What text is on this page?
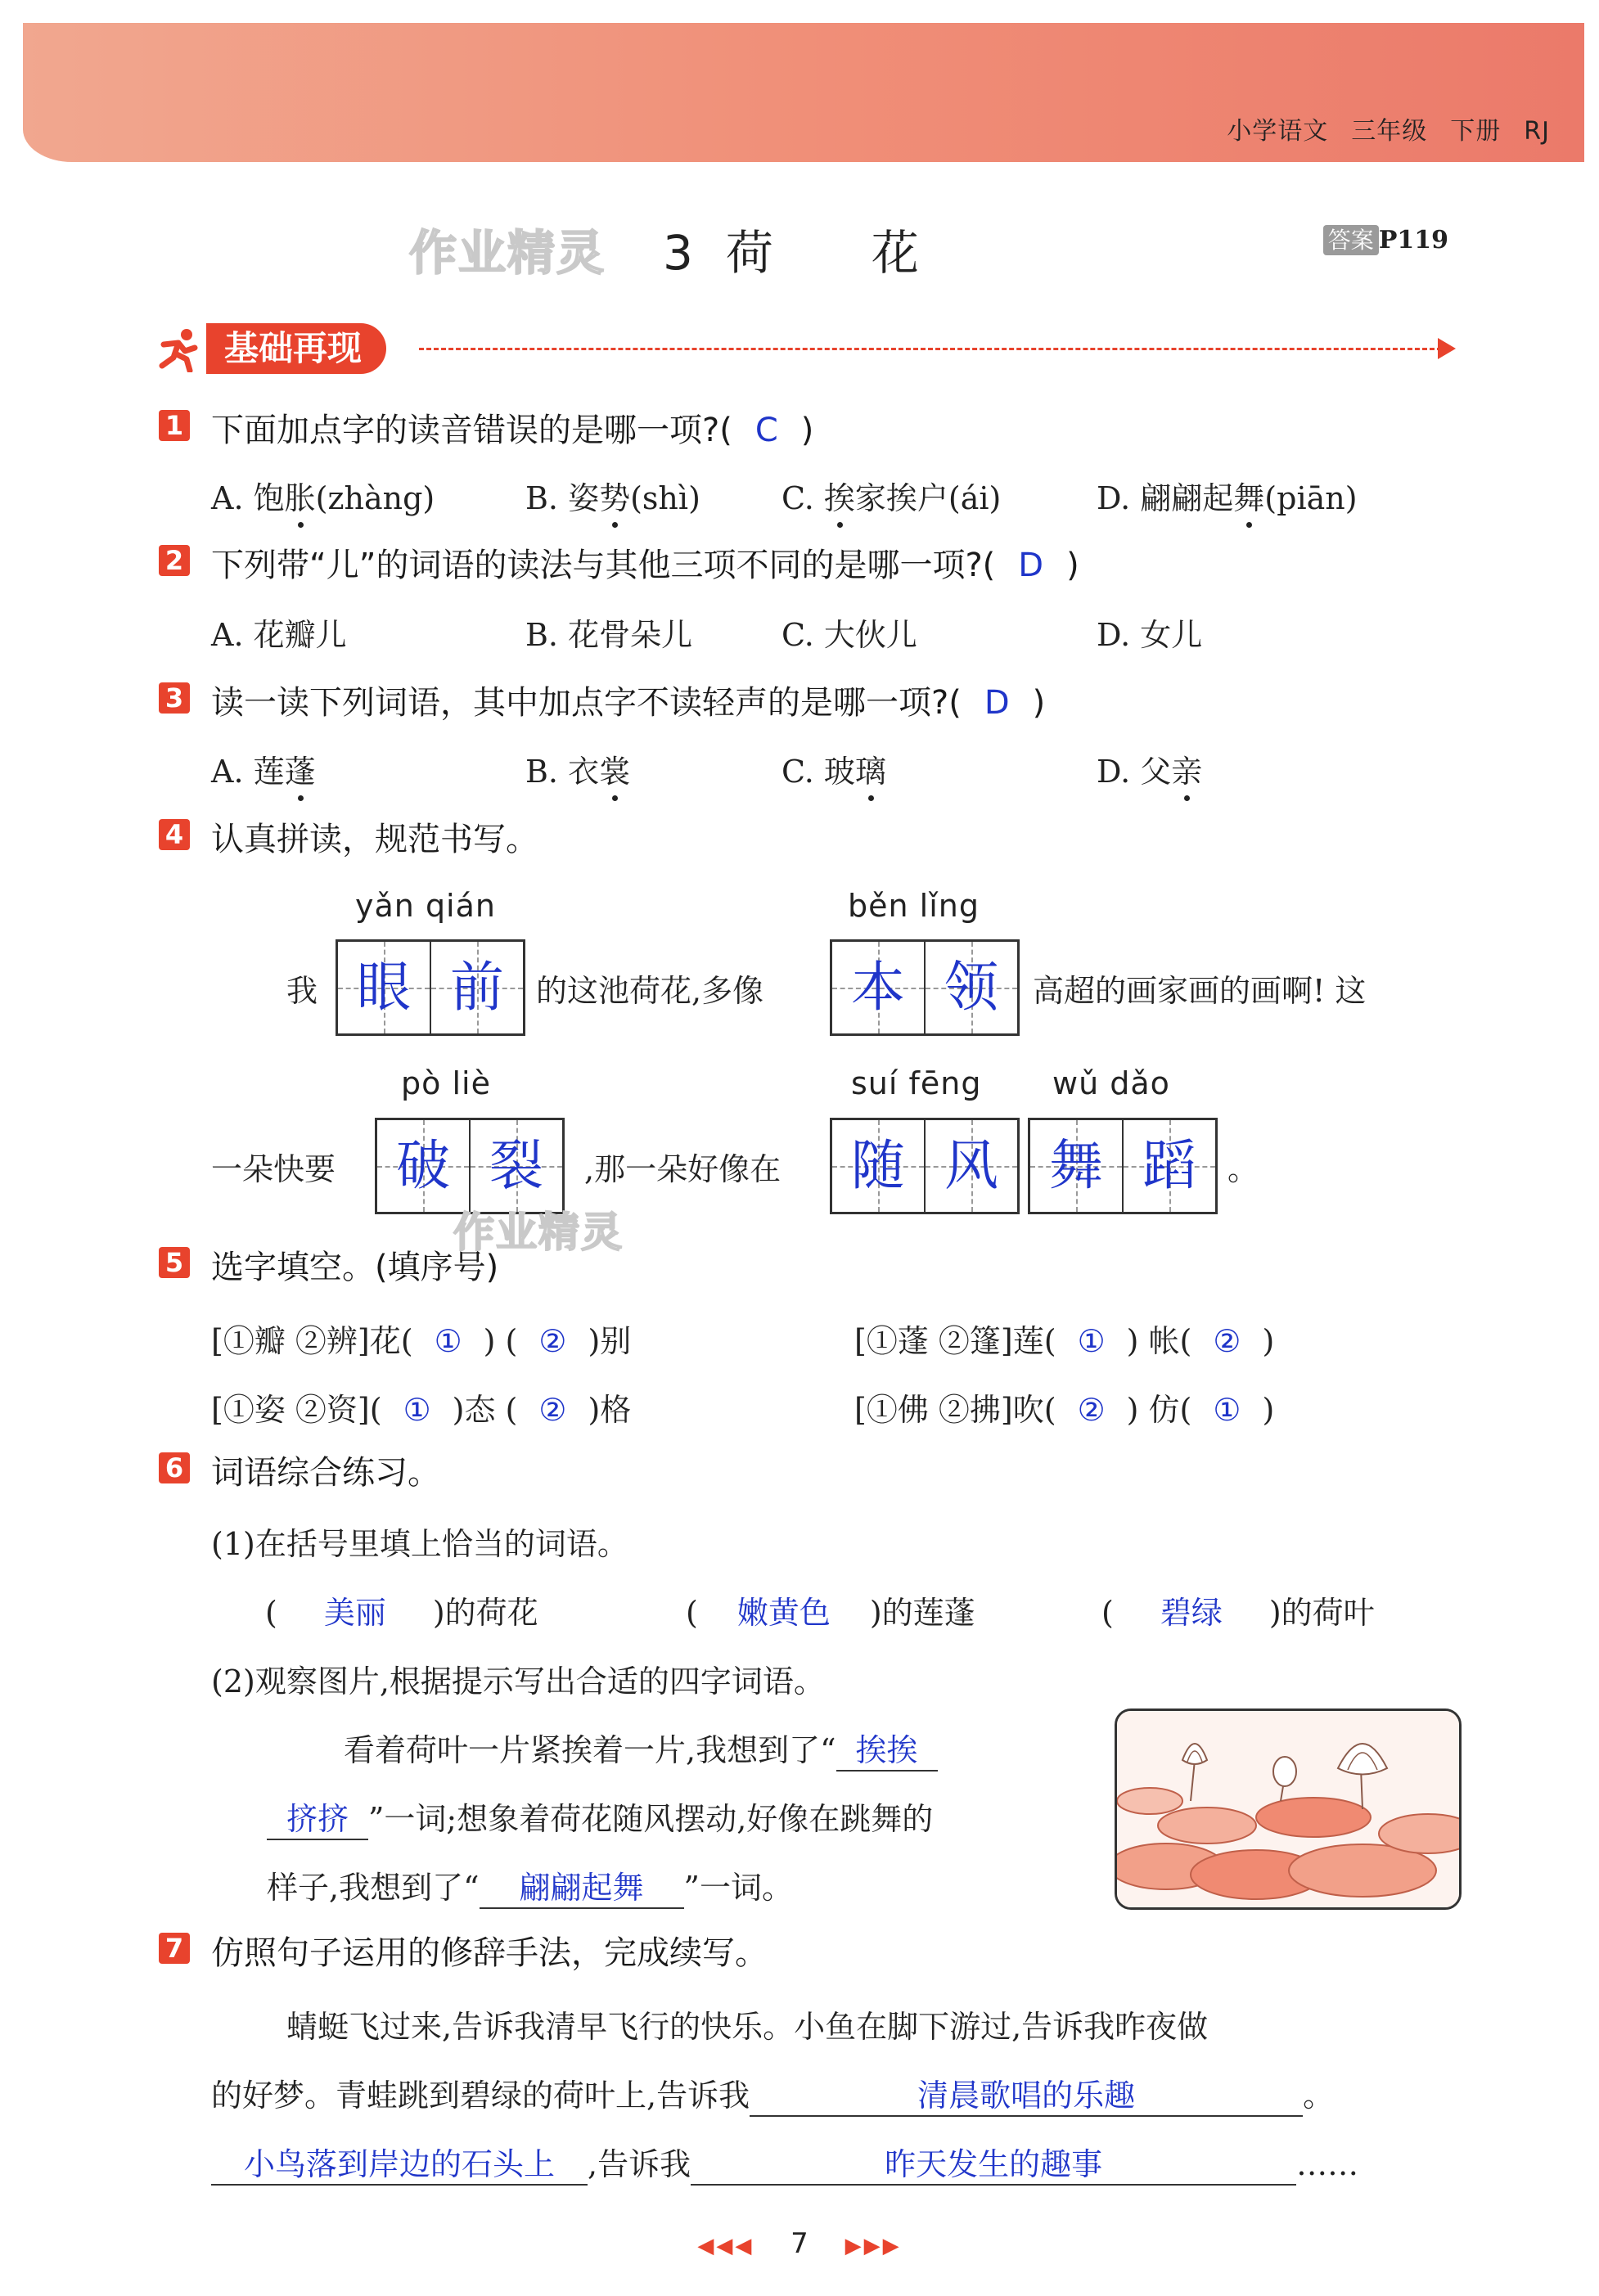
小学语文 三年级 下册 RJ
作业精灵 3 荷 花	答案 P119
基础再现
1 下面加点字的读音错误的是哪一项?( C )
A. 饱胀(zhàng)	B. 姿势(shì)	C. 挨家挨户(ái)	D. 翩翩起舞(piān)
2 下列带“儿”的词语的读法与其他三项不同的是哪一项?( D )
A. 花瓣儿	B. 花骨朵儿	C. 大伙儿	D. 女儿
3 读一读下列词语，其中加点字不读轻声的是哪一项?( D )
A. 莲蓬	B. 衣裳	C. 玻璃	D. 父亲
4 认真拼读，规范书写。
yǎn qián	běn lǐng
我 眼 前	的这池荷花,多像	本 领	高超的画家画的画啊! 这
pò liè	suí fēng wǔ dǎo
一朵快要	破 裂	,那一朵好像在	随 风 舞 蹈	。
作业精灵
5 选字填空。(填序号)
[①瓣 ②辨]花( ① ) ( ② )别	[①蓬 ②篷]莲( ① ) 帐( ② )
[①姿 ②资]( ① )态 ( ② )格	[①佛 ②拂]吹( ② ) 仿( ① )
6 词语综合练习。
(1)在括号里填上恰当的词语。
( 美丽 )的荷花	( 嫩黄色 )的莲蓬	( 碧绿 )的荷叶
(2)观察图片,根据提示写出合适的四字词语。
看着荷叶一片紧挨着一片,我想到了“ 挨挨
挤挤 ”一词;想象着荷花随风摆动,好像在跳舞的
样子,我想到了“ 翩翩起舞 ”一词。
7 仿照句子运用的修辞手法，完成续写。
蜻蜓飞过来,告诉我清早飞行的快乐。小鱼在脚下游过,告诉我昨夜做
的好梦。青蛙跳到碧绿的荷叶上,告诉我	清晨歌唱的乐趣	。
小鸟落到岸边的石头上 ,告诉我	昨天发生的趣事	……
◀◀◀ 7 ▶▶▶
